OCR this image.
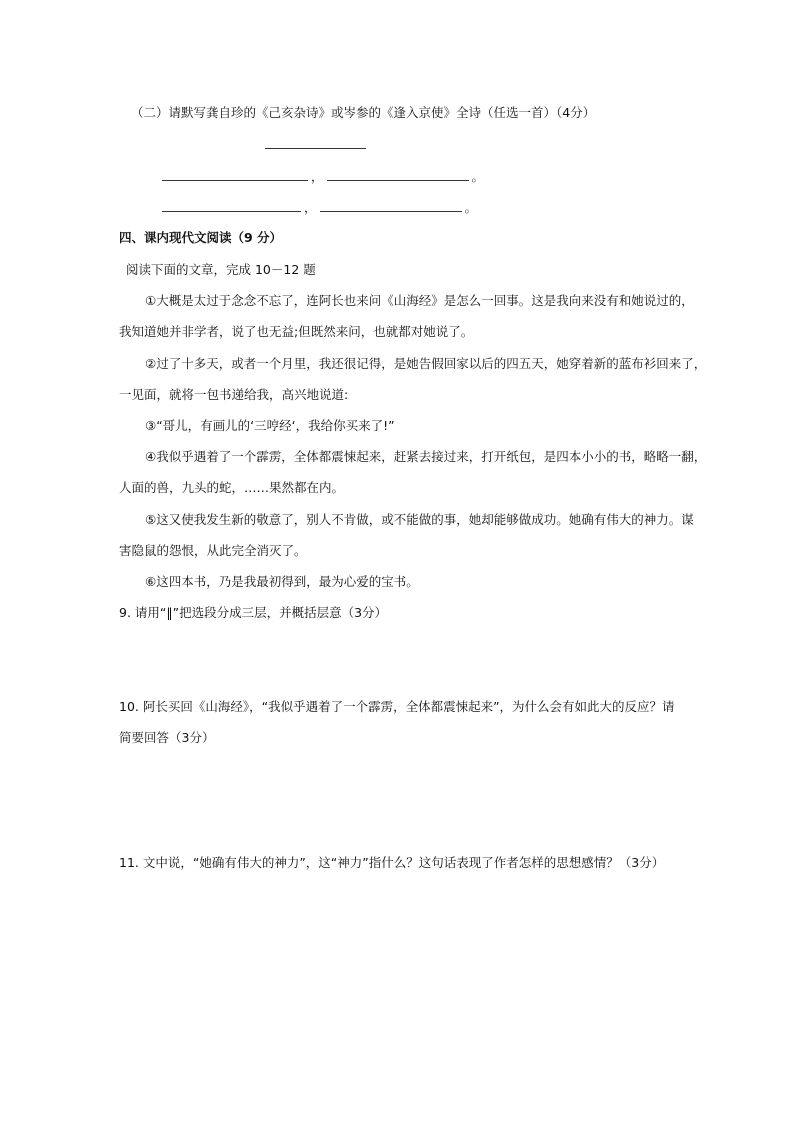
（二）请默写龚自珍的《己亥杂诗》或岑参的《逢入京使》全诗（任选一首）（4分）
，	。
，	。
四、课内现代文阅读（9 分）
阅读下面的文章，完成 10－12 题
①大概是太过于念念不忘了，连阿长也来问《山海经》是怎么一回事。这是我向来没有和她说过的，
我知道她并非学者，说了也无益;但既然来问，也就都对她说了。
②过了十多天，或者一个月里，我还很记得，是她告假回家以后的四五天，她穿着新的蓝布衫回来了，
一见面，就将一包书递给我，高兴地说道:
③“哥儿，有画儿的‘三哼经‘，我给你买来了!”
④我似乎遇着了一个霹雳，全体都震悚起来，赶紧去接过来，打开纸包，是四本小小的书，略略一翻，
人面的兽，九头的蛇，……果然都在内。
⑤这又使我发生新的敬意了，别人不肯做，或不能做的事，她却能够做成功。她确有伟大的神力。谋
害隐鼠的怨恨，从此完全消灭了。
⑥这四本书，乃是我最初得到，最为心爱的宝书。
9. 请用“‖”把选段分成三层，并概括层意（3分）
10. 阿长买回《山海经》，“我似乎遇着了一个霹雳，全体都震悚起来”，为什么会有如此大的反应？请
简要回答（3分）
11. 文中说，“她确有伟大的神力”，这“神力”指什么？这句话表现了作者怎样的思想感情？（3分）
